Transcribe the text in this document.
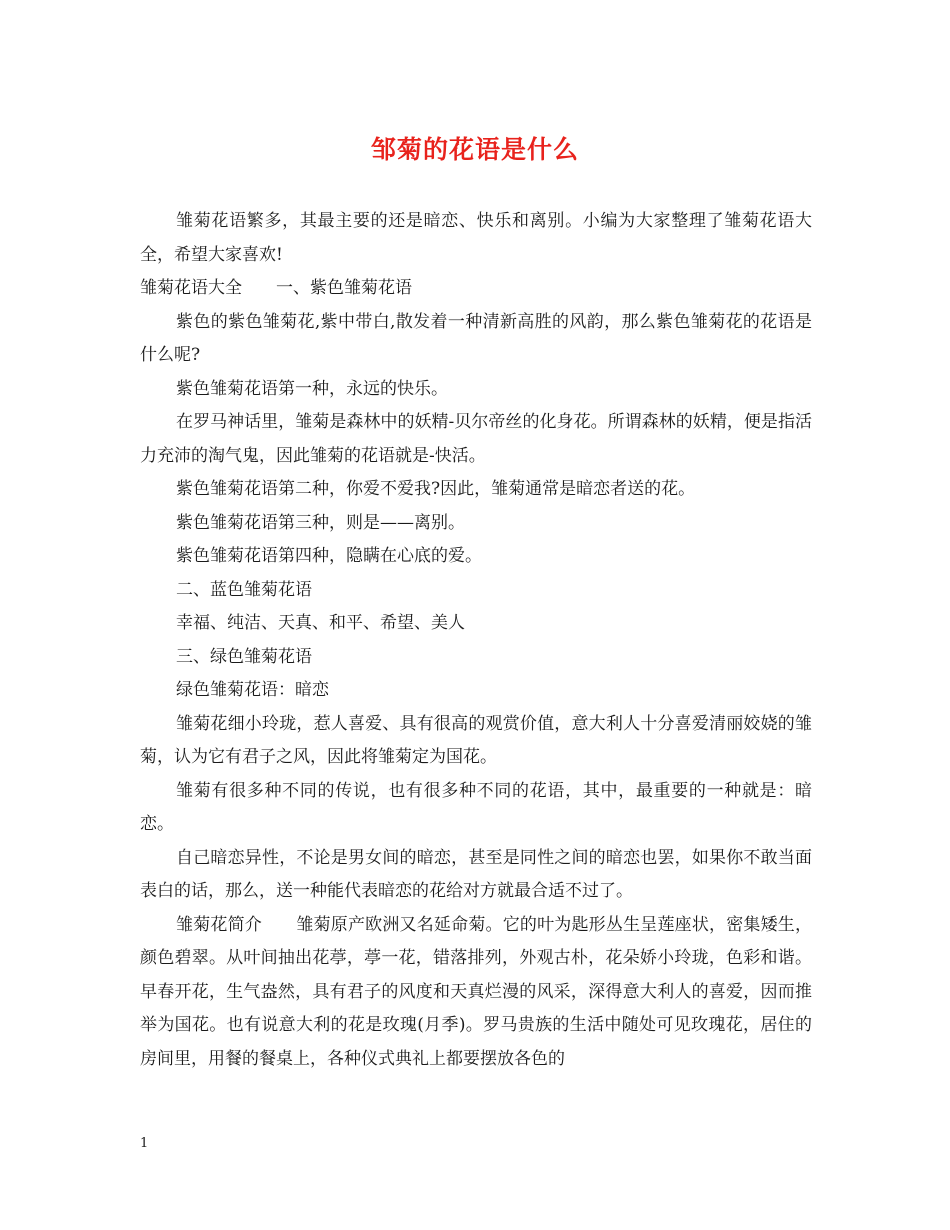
邹菊的花语是什么

雏菊花语繁多，其最主要的还是暗恋、快乐和离别。小编为大家整理了雏菊花语大全，希望大家喜欢!

雏菊花语大全　　一、紫色雏菊花语

紫色的紫色雏菊花,紫中带白,散发着一种清新高胜的风韵，那么紫色雏菊花的花语是什么呢?

紫色雏菊花语第一种，永远的快乐。

在罗马神话里，雏菊是森林中的妖精-贝尔帝丝的化身花。所谓森林的妖精，便是指活力充沛的淘气鬼，因此雏菊的花语就是-快活。

紫色雏菊花语第二种，你爱不爱我?因此，雏菊通常是暗恋者送的花。

紫色雏菊花语第三种，则是——离别。

紫色雏菊花语第四种，隐瞒在心底的爱。

二、蓝色雏菊花语

幸福、纯洁、天真、和平、希望、美人

三、绿色雏菊花语

绿色雏菊花语：暗恋

雏菊花细小玲珑，惹人喜爱、具有很高的观赏价值，意大利人十分喜爱清丽姣娆的雏菊，认为它有君子之风，因此将雏菊定为国花。

雏菊有很多种不同的传说，也有很多种不同的花语，其中，最重要的一种就是：暗恋。

自己暗恋异性，不论是男女间的暗恋，甚至是同性之间的暗恋也罢，如果你不敢当面表白的话，那么，送一种能代表暗恋的花给对方就最合适不过了。

雏菊花简介　　雏菊原产欧洲又名延命菊。它的叶为匙形丛生呈莲座状，密集矮生，颜色碧翠。从叶间抽出花葶，葶一花，错落排列，外观古朴，花朵娇小玲珑，色彩和谐。早春开花，生气盎然，具有君子的风度和天真烂漫的风采，深得意大利人的喜爱，因而推举为国花。也有说意大利的花是玫瑰(月季)。罗马贵族的生活中随处可见玫瑰花，居住的房间里，用餐的餐桌上，各种仪式典礼上都要摆放各色的

1
